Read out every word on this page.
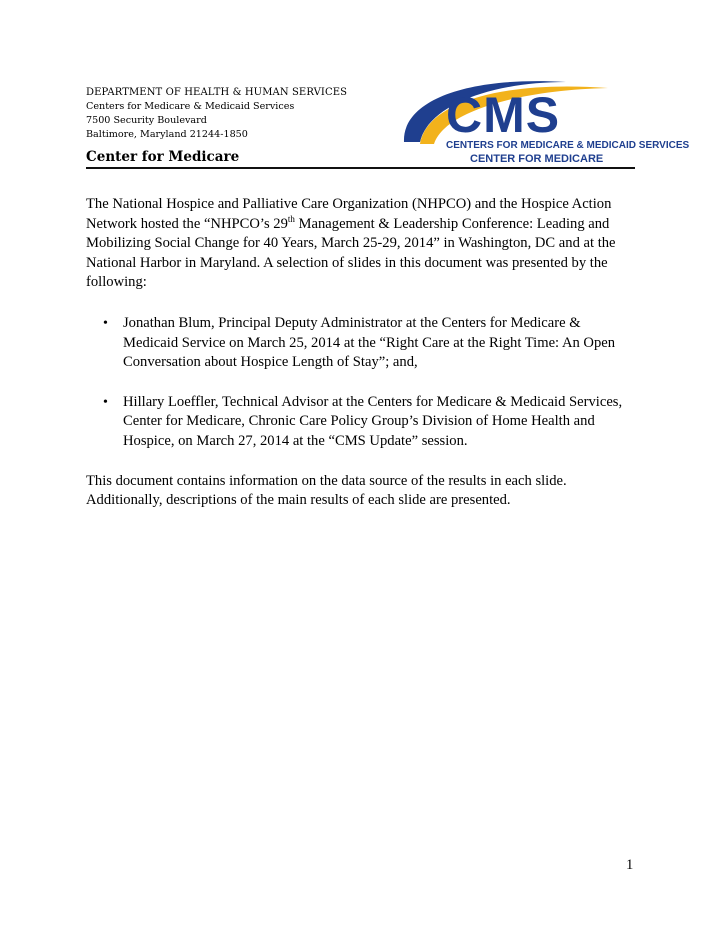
DEPARTMENT OF HEALTH & HUMAN SERVICES
Centers for Medicare & Medicaid Services
7500 Security Boulevard
Baltimore, Maryland 21244-1850	CMS
CENTERS FOR MEDICARE & MEDICAID SERVICES
CENTER FOR MEDICARE
Center for Medicare

The National Hospice and Palliative Care Organization (NHPCO) and the Hospice Action Network hosted the “NHPCO’s 29th Management & Leadership Conference: Leading and Mobilizing Social Change for 40 Years, March 25-29, 2014” in Washington, DC and at the National Harbor in Maryland. A selection of slides in this document was presented by the following:

• Jonathan Blum, Principal Deputy Administrator at the Centers for Medicare & Medicaid Service on March 25, 2014 at the “Right Care at the Right Time: An Open Conversation about Hospice Length of Stay”; and,
• Hillary Loeffler, Technical Advisor at the Centers for Medicare & Medicaid Services, Center for Medicare, Chronic Care Policy Group’s Division of Home Health and Hospice, on March 27, 2014 at the “CMS Update” session.

This document contains information on the data source of the results in each slide. Additionally, descriptions of the main results of each slide are presented.

1
